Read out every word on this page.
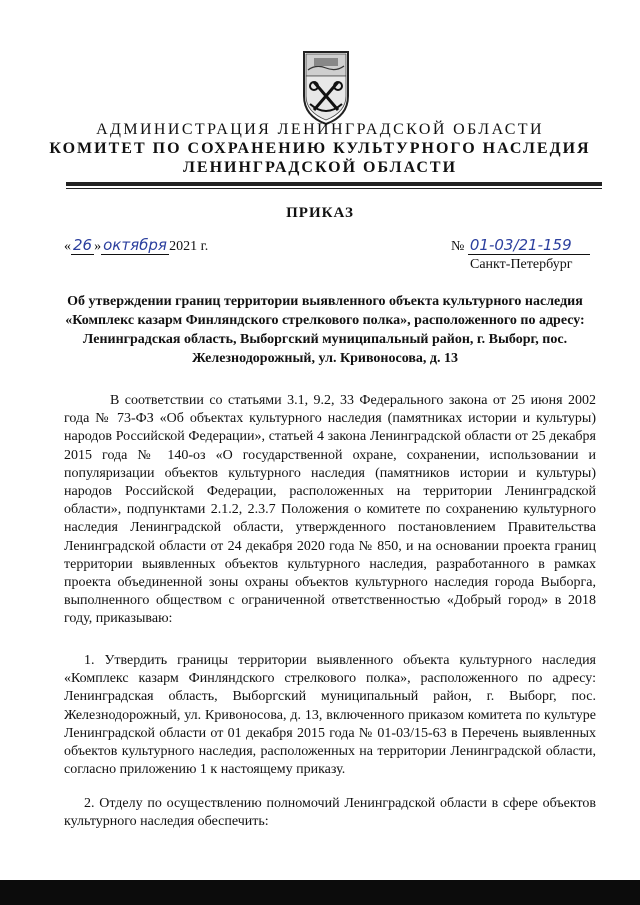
АДМИНИСТРАЦИЯ ЛЕНИНГРАДСКОЙ ОБЛАСТИ
КОМИТЕТ ПО СОХРАНЕНИЮ КУЛЬТУРНОГО НАСЛЕДИЯ
ЛЕНИНГРАДСКОЙ ОБЛАСТИ
ПРИКАЗ
« 26 » октября 2021 г.	№ 01-03/21-159
Санкт-Петербург
Об утверждении границ территории выявленного объекта культурного наследия «Комплекс казарм Финляндского стрелкового полка», расположенного по адресу: Ленинградская область, Выборгский муниципальный район, г. Выборг, пос. Железнодорожный, ул. Кривоносова, д. 13
В соответствии со статьями 3.1, 9.2, 33 Федерального закона от 25 июня 2002 года № 73-ФЗ «Об объектах культурного наследия (памятниках истории и культуры) народов Российской Федерации», статьей 4 закона Ленинградской области от 25 декабря 2015 года № 140-оз «О государственной охране, сохранении, использовании и популяризации объектов культурного наследия (памятников истории и культуры) народов Российской Федерации, расположенных на территории Ленинградской области», подпунктами 2.1.2, 2.3.7 Положения о комитете по сохранению культурного наследия Ленинградской области, утвержденного постановлением Правительства Ленинградской области от 24 декабря 2020 года № 850, и на основании проекта границ территории выявленных объектов культурного наследия, разработанного в рамках проекта объединенной зоны охраны объектов культурного наследия города Выборга, выполненного обществом с ограниченной ответственностью «Добрый город» в 2018 году, приказываю:
1. Утвердить границы территории выявленного объекта культурного наследия «Комплекс казарм Финляндского стрелкового полка», расположенного по адресу: Ленинградская область, Выборгский муниципальный район, г. Выборг, пос. Железнодорожный, ул. Кривоносова, д. 13, включенного приказом комитета по культуре Ленинградской области от 01 декабря 2015 года № 01-03/15-63 в Перечень выявленных объектов культурного наследия, расположенных на территории Ленинградской области, согласно приложению 1 к настоящему приказу.
2. Отделу по осуществлению полномочий Ленинградской области в сфере объектов культурного наследия обеспечить:
